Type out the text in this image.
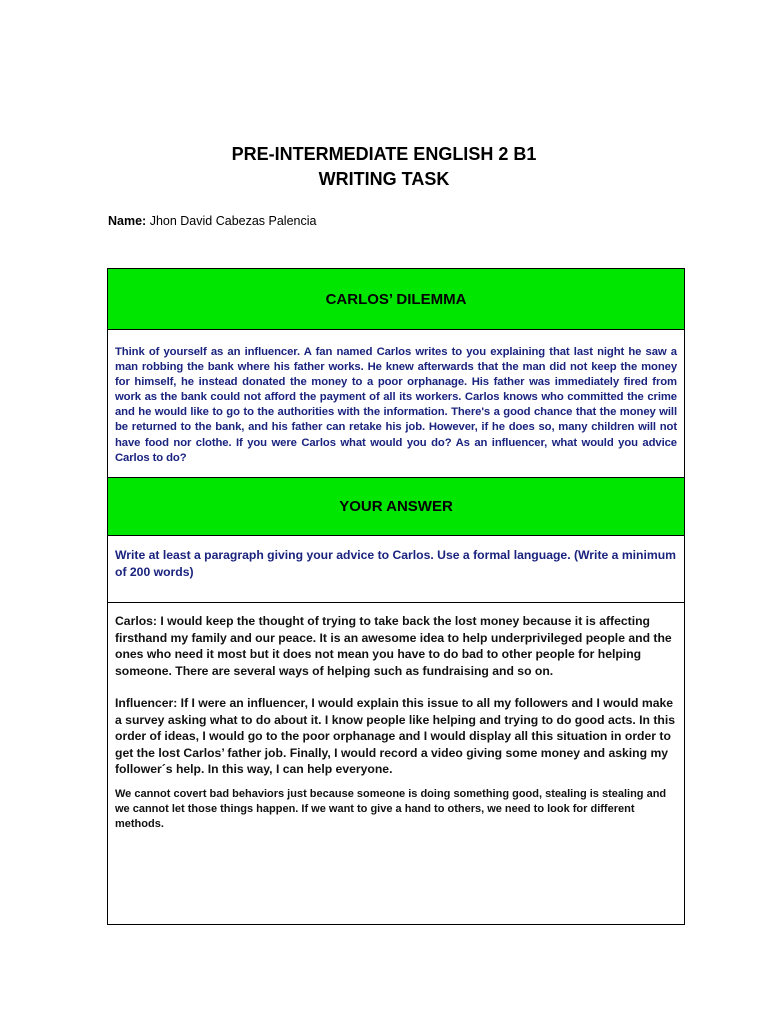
PRE-INTERMEDIATE ENGLISH 2 B1
WRITING TASK
Name: Jhon David Cabezas Palencia
CARLOS’ DILEMMA
Think of yourself as an influencer. A fan named Carlos writes to you explaining that last night he saw a man robbing the bank where his father works. He knew afterwards that the man did not keep the money for himself, he instead donated the money to a poor orphanage. His father was immediately fired from work as the bank could not afford the payment of all its workers. Carlos knows who committed the crime and he would like to go to the authorities with the information. There's a good chance that the money will be returned to the bank, and his father can retake his job. However, if he does so, many children will not have food nor clothe. If you were Carlos what would you do? As an influencer, what would you advice Carlos to do?
YOUR ANSWER
Write at least a paragraph giving your advice to Carlos. Use a formal language. (Write a minimum of 200 words)

Carlos: I would keep the thought of trying to take back the lost money because it is affecting firsthand my family and our peace. It is an awesome idea to help underprivileged people and the ones who need it most but it does not mean you have to do bad to other people for helping someone. There are several ways of helping such as fundraising and so on.

Influencer: If I were an influencer, I would explain this issue to all my followers and I would make a survey asking what to do about it. I know people like helping and trying to do good acts. In this order of ideas, I would go to the poor orphanage and I would display all this situation in order to get the lost Carlos’ father job. Finally, I would record a video giving some money and asking my follower´s help. In this way, I can help everyone.

We cannot covert bad behaviors just because someone is doing something good, stealing is stealing and we cannot let those things happen. If we want to give a hand to others, we need to look for different methods.
